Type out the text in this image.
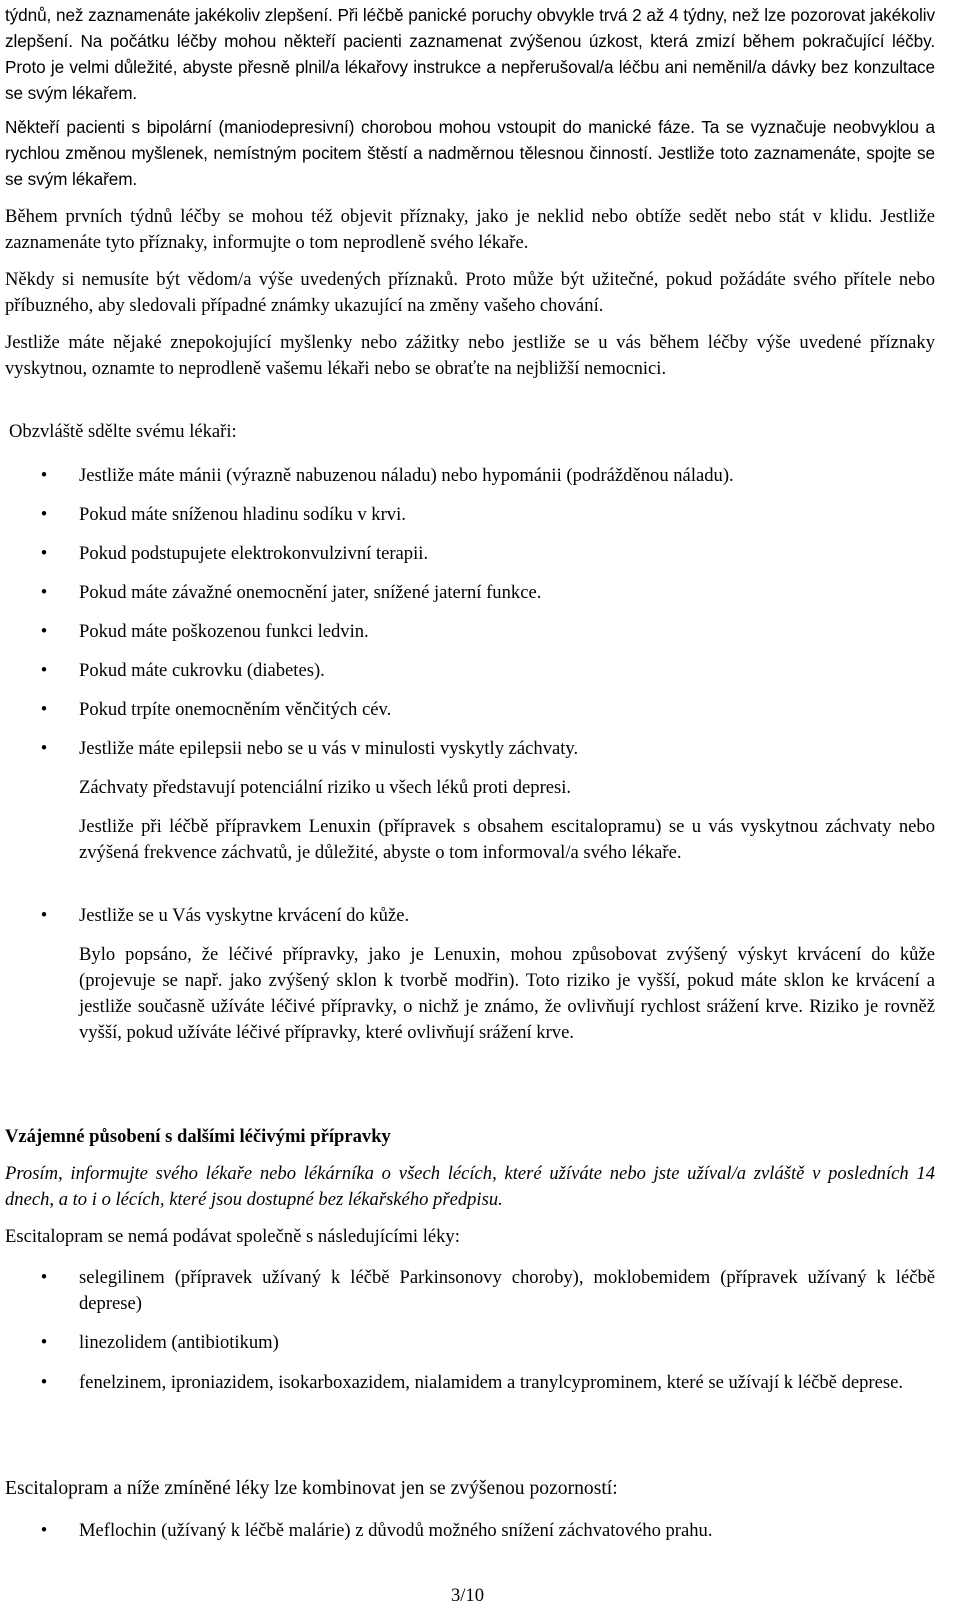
týdnů, než zaznamenáte jakékoliv zlepšení. Při léčbě panické poruchy obvykle trvá 2 až 4 týdny, než lze pozorovat jakékoliv zlepšení. Na počátku léčby mohou někteří pacienti zaznamenat zvýšenou úzkost, která zmizí během pokračující léčby. Proto je velmi důležité, abyste přesně plnil/a lékařovy instrukce a nepřerušoval/a léčbu ani neměnil/a dávky bez konzultace se svým lékařem.

Někteří pacienti s bipolární (maniodepresivní) chorobou mohou vstoupit do manické fáze. Ta se vyznačuje neobvyklou a rychlou změnou myšlenek, nemístným pocitem štěstí a nadměrnou tělesnou činností. Jestliže toto zaznamenáte, spojte se se svým lékařem.

Během prvních týdnů léčby se mohou též objevit příznaky, jako je neklid nebo obtíže sedět nebo stát v klidu. Jestliže zaznamenáte tyto příznaky, informujte o tom neprodleně svého lékaře.

Někdy si nemusíte být vědom/a výše uvedených příznaků. Proto může být užitečné, pokud požádáte svého přítele nebo příbuzného, aby sledovali případné známky ukazující na změny vašeho chování.

Jestliže máte nějaké znepokojující myšlenky nebo zážitky nebo jestliže se u vás během léčby výše uvedené příznaky vyskytnou, oznamte to neprodleně vašemu lékaři nebo se obraťte na nejbližší nemocnici.

Obzvláště sdělte svému lékaři:

• Jestliže máte mánii (výrazně nabuzenou náladu) nebo hypománii (podrážděnou náladu).

• Pokud máte sníženou hladinu sodíku v krvi.

• Pokud podstupujete elektrokonvulzivní terapii.

• Pokud máte závažné onemocnění jater, snížené jaterní funkce.

• Pokud máte poškozenou funkci ledvin.

• Pokud máte cukrovku (diabetes).

• Pokud trpíte onemocněním věnčitých cév.

• Jestliže máte epilepsii nebo se u vás v minulosti vyskytly záchvaty.

Záchvaty představují potenciální riziko u všech léků proti depresi.

Jestliže při léčbě přípravkem Lenuxin (přípravek s obsahem escitalopramu) se u vás vyskytnou záchvaty nebo zvýšená frekvence záchvatů, je důležité, abyste o tom informoval/a svého lékaře.

• Jestliže se u Vás vyskytne krvácení do kůže.

Bylo popsáno, že léčivé přípravky, jako je Lenuxin, mohou způsobovat zvýšený výskyt krvácení do kůže (projevuje se např. jako zvýšený sklon k tvorbě modřin). Toto riziko je vyšší, pokud máte sklon ke krvácení a jestliže současně užíváte léčivé přípravky, o nichž je známo, že ovlivňují rychlost srážení krve. Riziko je rovněž vyšší, pokud užíváte léčivé přípravky, které ovlivňují srážení krve.

Vzájemné působení s dalšími léčivými přípravky

Prosím, informujte svého lékaře nebo lékárníka o všech lécích, které užíváte nebo jste užíval/a zvláště v posledních 14 dnech, a to i o lécích, které jsou dostupné bez lékařského předpisu.

Escitalopram se nemá podávat společně s následujícími léky:

• selegilinem (přípravek užívaný k léčbě Parkinsonovy choroby), moklobemidem (přípravek užívaný k léčbě deprese)

• linezolidem (antibiotikum)

• fenelzinem, iproniazidem, isokarboxazidem, nialamidem a tranylcyprominem, které se užívají k léčbě deprese.

Escitalopram a níže zmíněné léky lze kombinovat jen se zvýšenou pozorností:

• Meflochin (užívaný k léčbě malárie) z důvodů možného snížení záchvatového prahu.

3/10
